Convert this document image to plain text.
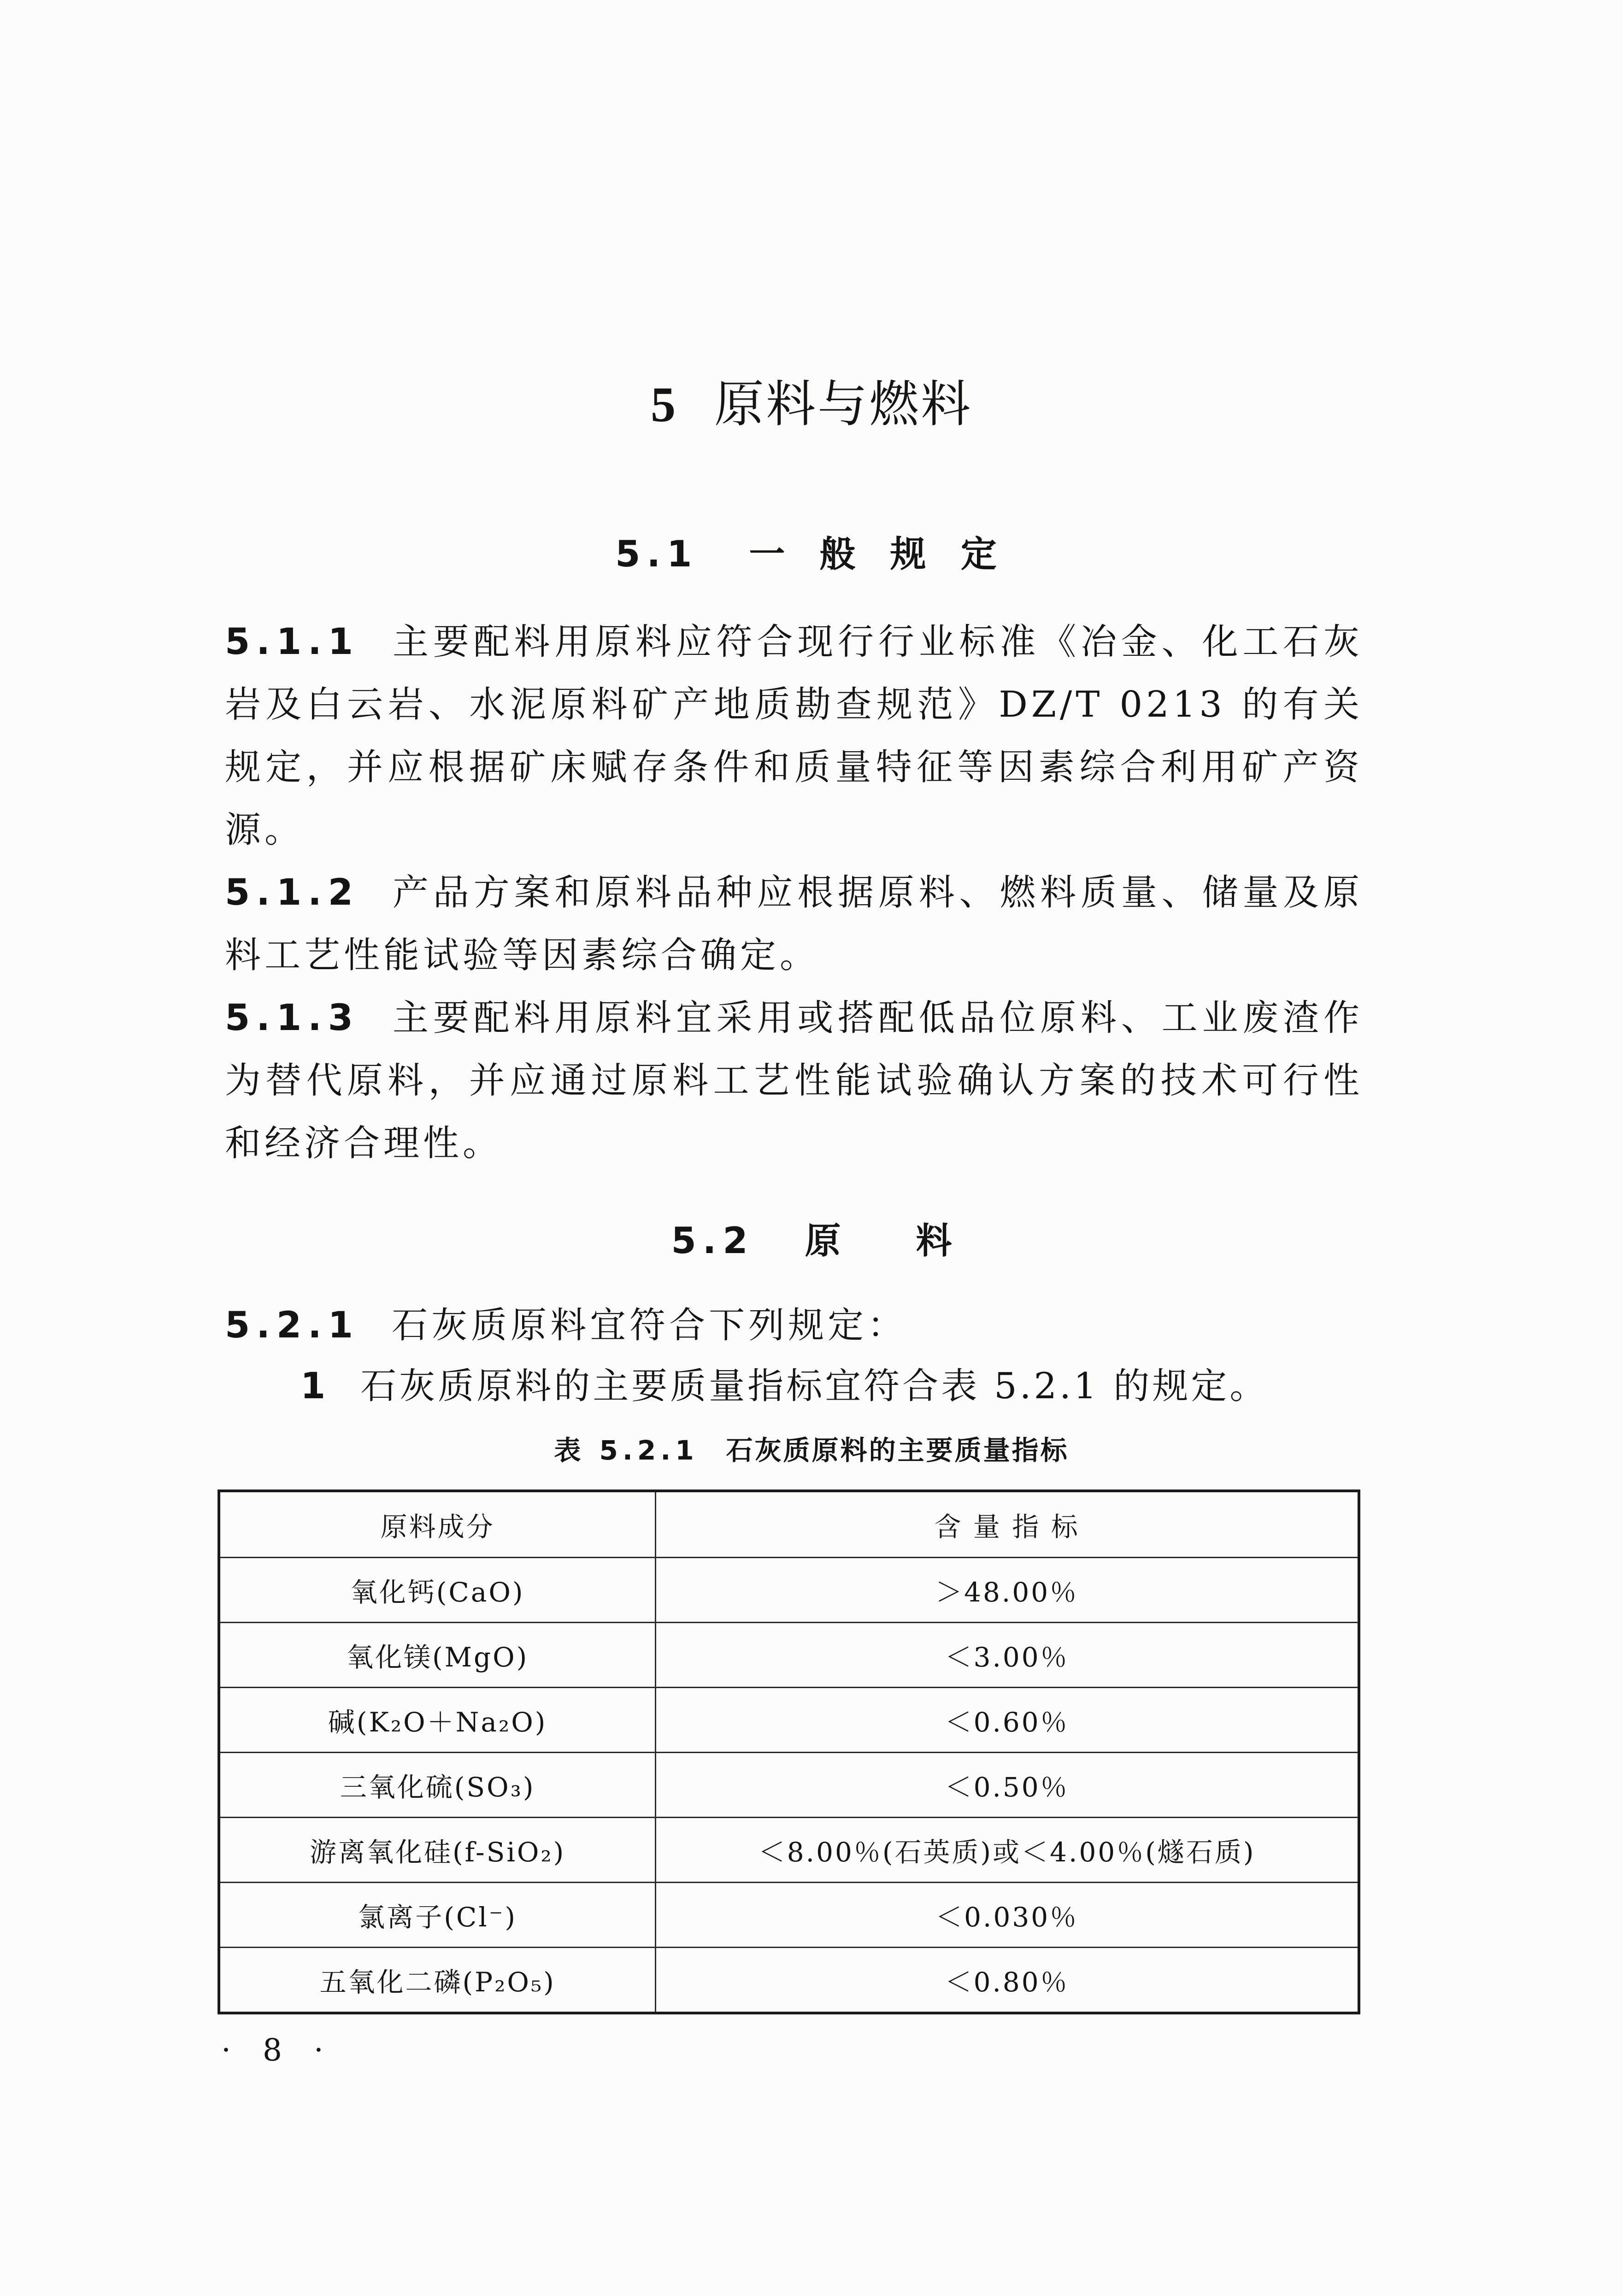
5 原料与燃料
5.1 一 般 规 定
5.1.1 主要配料用原料应符合现行行业标准《冶金、化工石灰岩及白云岩、水泥原料矿产地质勘查规范》DZ/T 0213 的有关规定，并应根据矿床赋存条件和质量特征等因素综合利用矿产资源。
5.1.2 产品方案和原料品种应根据原料、燃料质量、储量及原料工艺性能试验等因素综合确定。
5.1.3 主要配料用原料宜采用或搭配低品位原料、工业废渣作为替代原料，并应通过原料工艺性能试验确认方案的技术可行性和经济合理性。
5.2 原      料
5.2.1 石灰质原料宜符合下列规定：
1 石灰质原料的主要质量指标宜符合表 5.2.1 的规定。
表 5.2.1 石灰质原料的主要质量指标
原料成分	含 量 指 标
氧化钙(CaO)	＞48.00％
氧化镁(MgO)	＜3.00％
碱(K₂O＋Na₂O)	＜0.60％
三氧化硫(SO₃)	＜0.50％
游离氧化硅(f-SiO₂)	＜8.00％(石英质)或＜4.00％(燧石质)
氯离子(Cl⁻)	＜0.030％
五氧化二磷(P₂O₅)	＜0.80％
· 8 ·
